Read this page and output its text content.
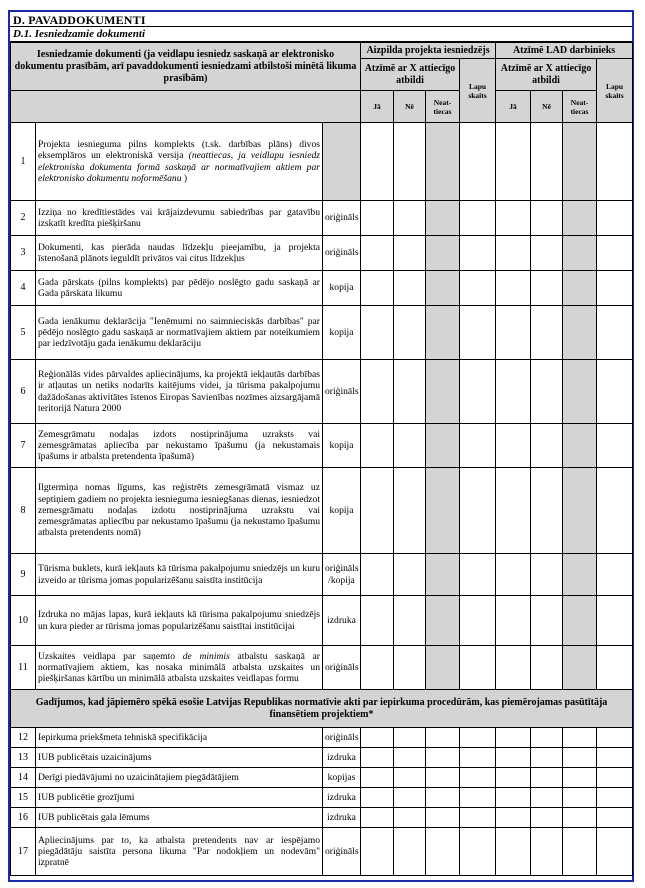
D. PAVADDOKUMENTI
D.1. Iesniedzamie dokumenti
Iesniedzamie dokumenti (ja veidlapu iesniedz saskaņā ar elektronisko dokumentu prasībām, arī pavaddokumenti iesniedzami atbilstoši minētā likuma prasībām)			Aizpilda projekta iesniedzējs				Atzīmē LAD darbinieks			
			Atzīmē ar X attiecīgo atbildi			Lapu skaits	Atzīmē ar X attiecīgo atbildi			Lapu skaits
			Jā	Nē	Neat-tiecas		Jā	Nē	Neat-tiecas	
1	Projekta iesnieguma pilns komplekts (t.sk. darbības plāns) divos eksemplāros un elektroniskā versija (neattiecas, ja veidlapu iesniedz elektroniska dokumenta formā saskaņā ar normatīvajiem aktiem par elektronisko dokumentu noformēšanu )									
2	Izziņa no kredītiestādes vai krājaizdevumu sabiedrības par gatavību izskatīt kredīta piešķiršanu	oriģināls								
3	Dokumenti, kas pierāda naudas līdzekļu pieejamību, ja projekta īstenošanā plānots ieguldīt privātos vai citus līdzekļus	oriģināls								
4	Gada pārskats (pilns komplekts) par pēdējo noslēgto gadu saskaņā ar Gada pārskata likumu	kopija								
5	Gada ienākumu deklarācija "Ienēmumi no saimnieciskās darbības" par pēdējo noslēgto gadu saskaņā ar normatīvajiem aktiem par noteikumiem par iedzīvotāju gada ienākumu deklarāciju	kopija								
6	Reģionālās vides pārvaldes apliecinājums, ka projektā iekļautās darbības ir atļautas un netiks nodarīts kaitējums videi, ja tūrisma pakalpojumu dažādošanas aktivitātes īstenos Eiropas Savienības nozīmes aizsargājamā teritorijā Natura 2000	oriģināls								
7	Zemesgrāmatu nodaļas izdots nostiprinājuma uzraksts vai zemesgrāmatas apliecība par nekustamo īpašumu (ja nekustamais īpašums ir atbalsta pretendenta īpašumā)	kopija								
8	Ilgtermiņa nomas līgums, kas reģistrēts zemesgrāmatā vismaz uz septiņiem gadiem no projekta iesnieguma iesniegšanas dienas, iesniedzot zemesgrāmatu nodaļas izdotu nostiprinājuma uzrakstu vai zemesgrāmatas apliecību par nekustamo īpašumu (ja nekustamo īpašumu atbalsta pretendents nomā)	kopija								
9	Tūrisma buklets, kurā iekļauts kā tūrisma pakalpojumu sniedzējs un kuru izveido ar tūrisma jomas popularizēšanu saistīta institūcija	oriģināls /kopija								
10	Izdruka no mājas lapas, kurā iekļauts kā tūrisma pakalpojumu sniedzējs un kura pieder ar tūrisma jomas popularizēšanu saistītai institūcijai	izdruka								
11	Uzskaites veidlapa par saņemto de minimis atbalstu saskaņā ar normatīvajiem aktiem, kas nosaka minimālā atbalsta uzskaites un piešķiršanas kārtību un minimālā atbalsta uzskaites veidlapas formu	oriģināls								
Gadījumos, kad jāpiemēro spēkā esošie Latvijas Republikas normatīvie akti par iepirkuma procedūrām, kas piemērojamas pasūtītāja finansētiem projektiem*										
12	Iepirkuma priekšmeta tehniskā specifikācija	oriģināls								
13	IUB publicētais uzaicinājums	izdruka								
14	Derīgi piedāvājumi no uzaicinātajiem piegādātājiem	kopijas								
15	IUB publicētie grozījumi	izdruka								
16	IUB publicētais gala lēmums	izdruka								
17	Apliecinājums par to, ka atbalsta pretendents nav ar iespējamo piegādātāju saistīta persona likuma "Par nodokļiem un nodevām" izpratnē	oriģināls								
